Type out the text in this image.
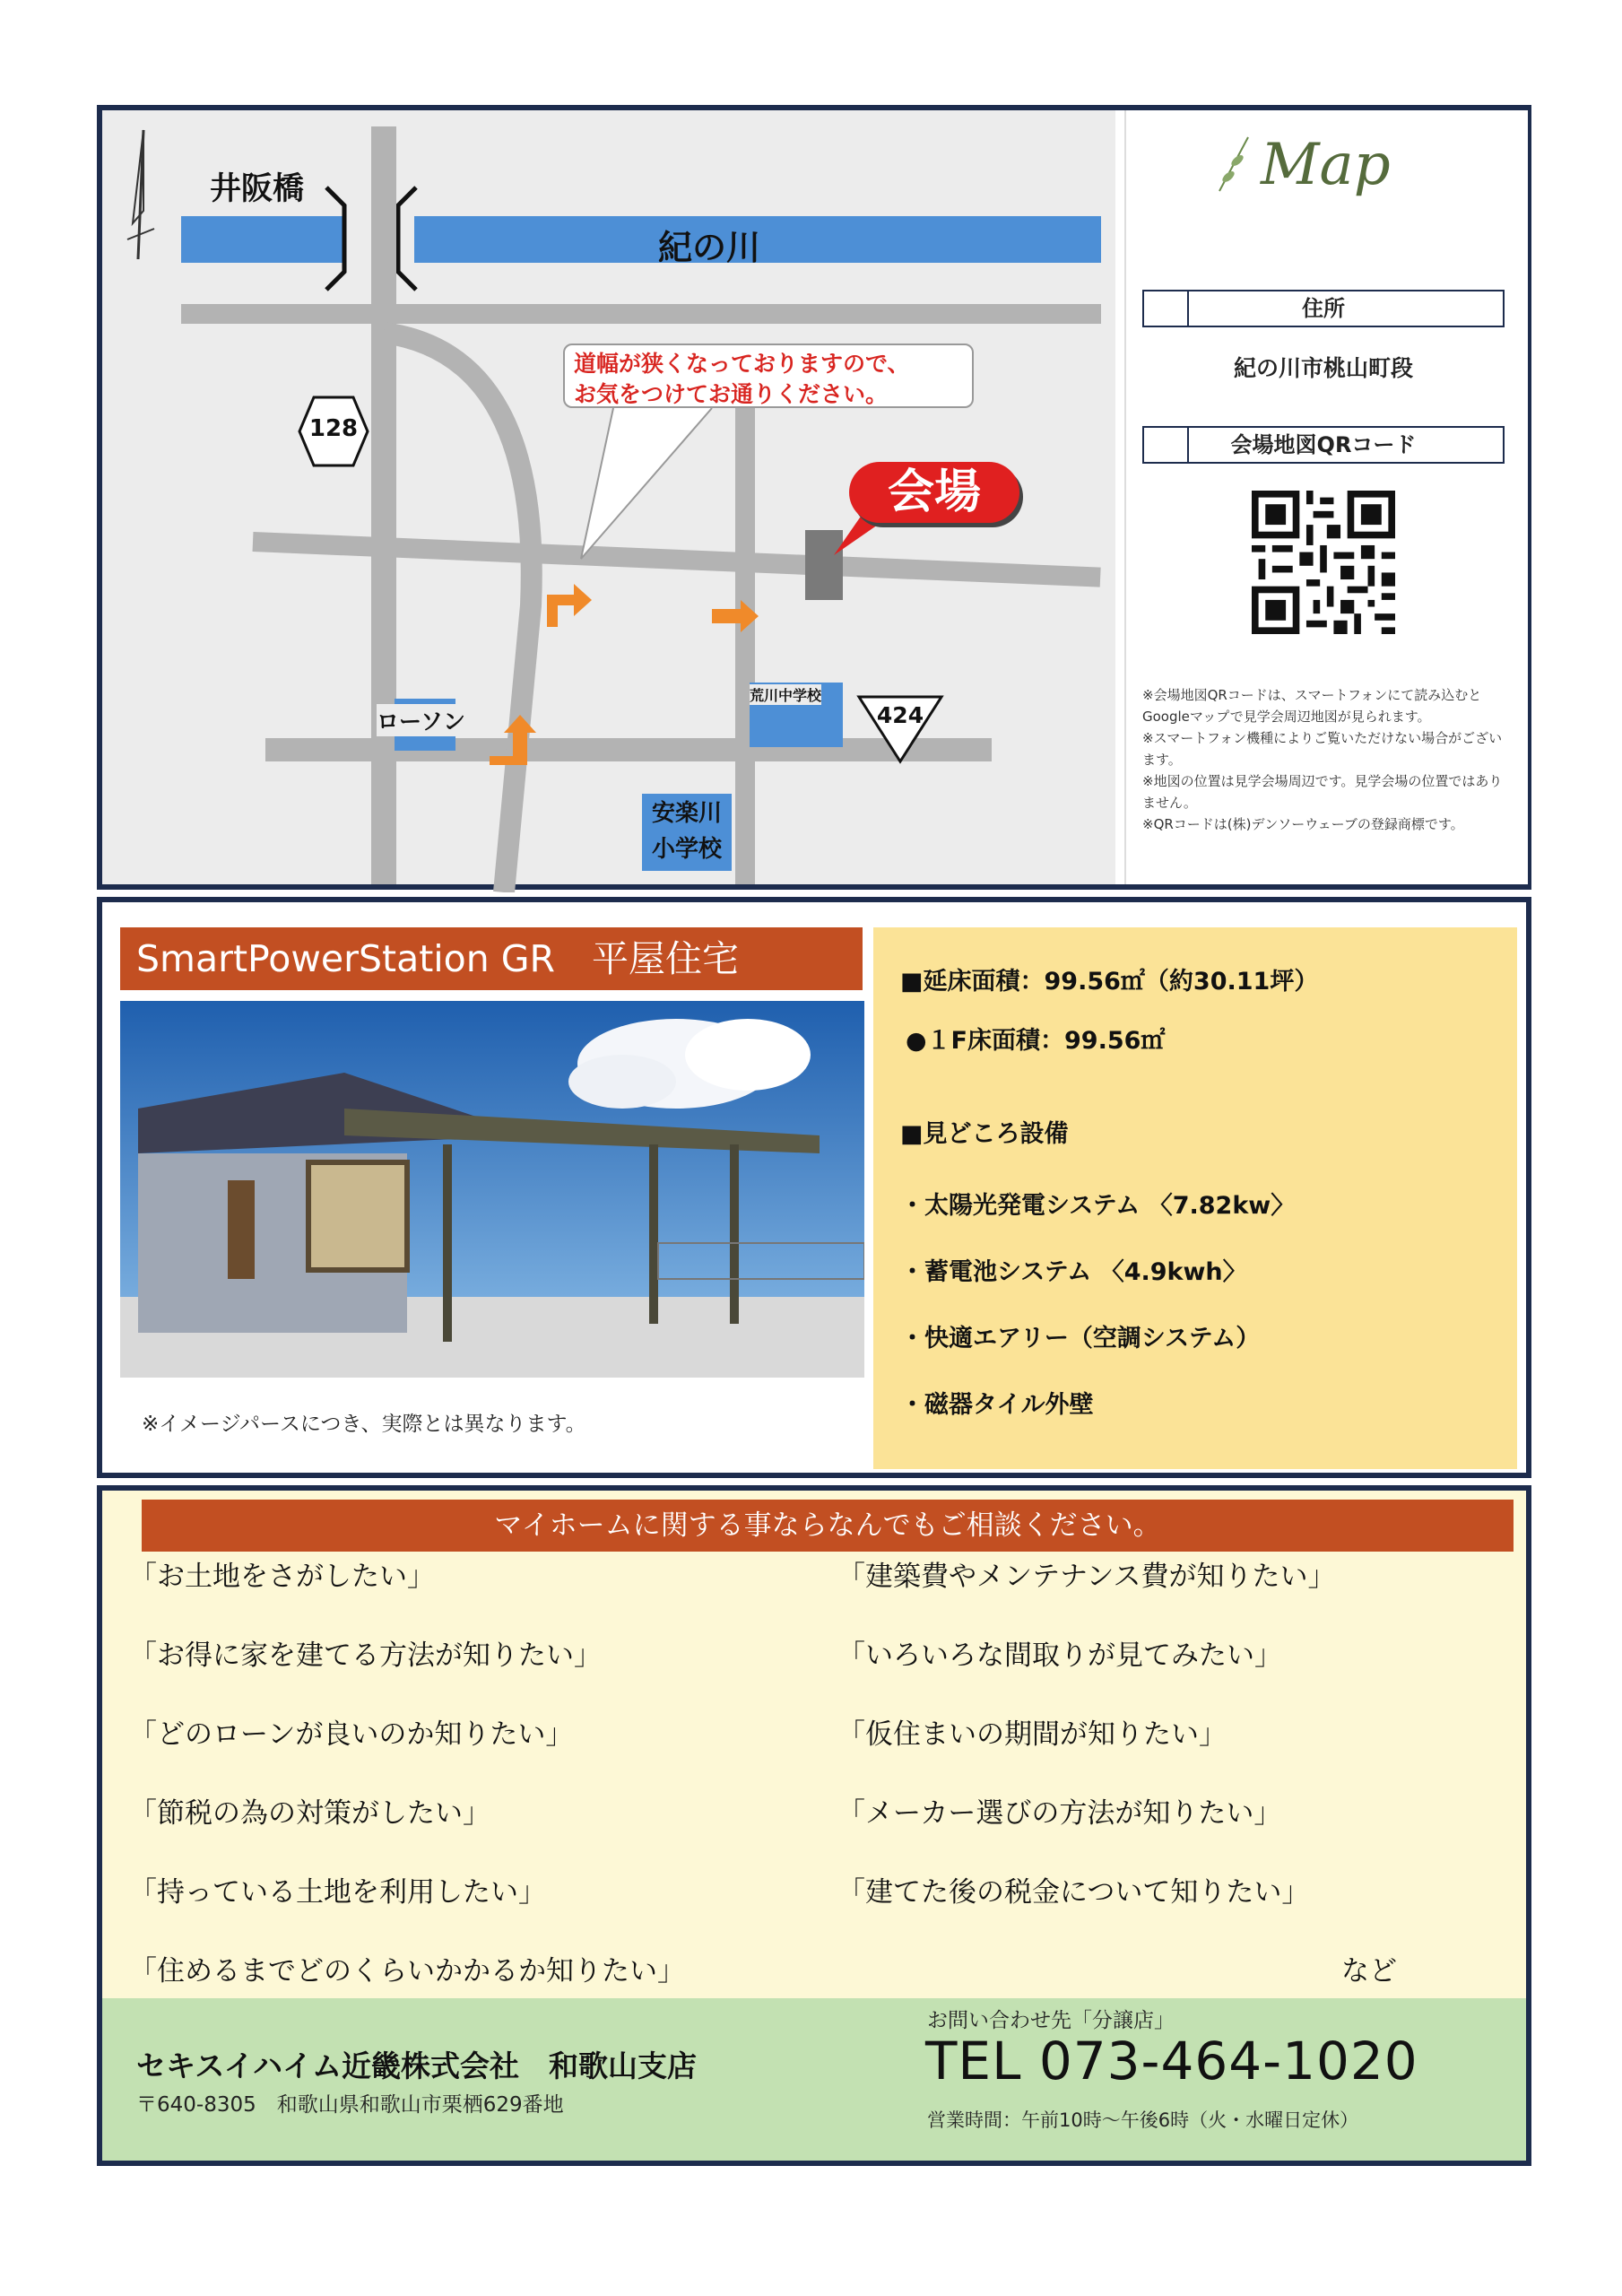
井阪橋
紀の川
128
道幅が狭くなっておりますので、
お気をつけてお通りください。
会場
ローソン
荒川中学校
424
安楽川
小学校
Map
住所
紀の川市桃山町段
会場地図QRコード
※会場地図QRコードは、スマートフォンにて読み込むとGoogleマップで見学会周辺地図が見られます。
※スマートフォン機種によりご覧いただけない場合がございます。
※地図の位置は見学会場周辺です。見学会場の位置ではありません。
※QRコードは(株)デンソーウェーブの登録商標です。
SmartPowerStation GR　平屋住宅
※イメージパースにつき、実際とは異なります。
■延床面積：99.56㎡（約30.11坪）
●１F床面積：99.56㎡
■見どころ設備
・太陽光発電システム 〈7.82kw〉
・蓄電池システム 〈4.9kwh〉
・快適エアリー（空調システム）
・磁器タイル外壁
マイホームに関する事ならなんでもご相談ください。
「お土地をさがしたい」
「お得に家を建てる方法が知りたい」
「どのローンが良いのか知りたい」
「節税の為の対策がしたい」
「持っている土地を利用したい」
「住めるまでどのくらいかかるか知りたい」
「建築費やメンテナンス費が知りたい」
「いろいろな間取りが見てみたい」
「仮住まいの期間が知りたい」
「メーカー選びの方法が知りたい」
「建てた後の税金について知りたい」
など
セキスイハイム近畿株式会社　和歌山支店
〒640-8305　和歌山県和歌山市栗栖629番地
お問い合わせ先「分譲店」
TEL 073-464-1020
営業時間：午前10時～午後6時（火・水曜日定休）
